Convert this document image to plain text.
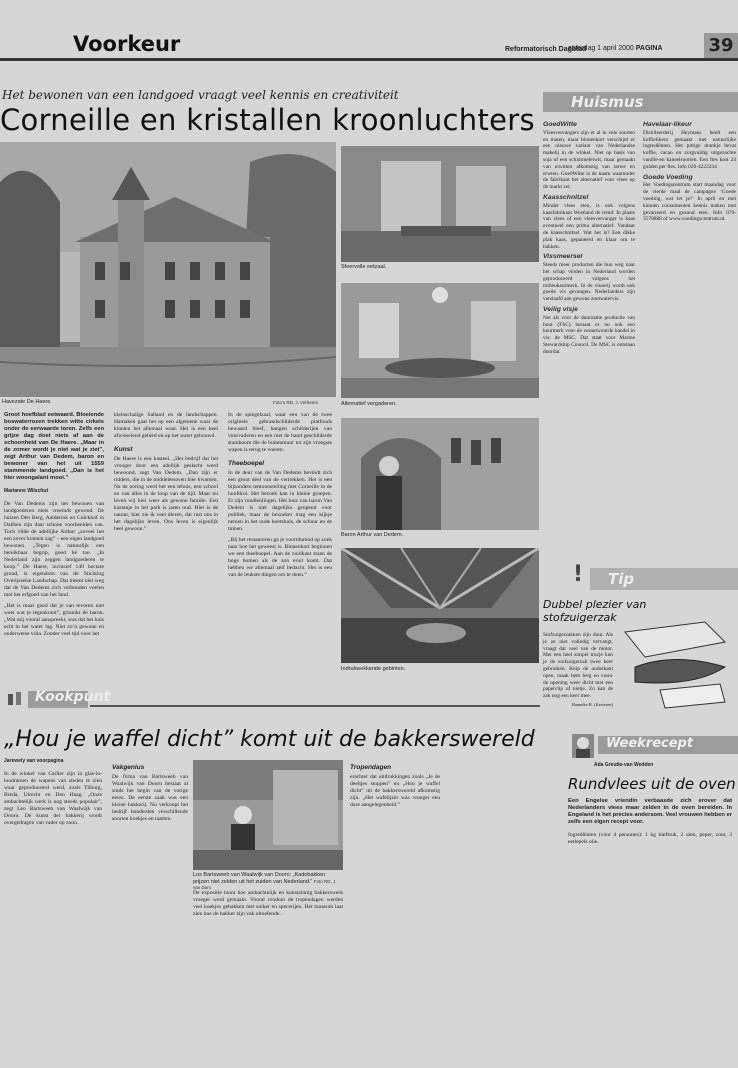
Voorkeur	Reformatorisch Dagblad
zaterdag 1 april 2000 PAGINA	39
Het bewonen van een landgoed vraagt veel kennis en creativiteit
Corneille en kristallen kroonluchters
Havezate De Haere.	Foto's RD, J. Verbeem
Sfeervolle eetzaal.
Alternatief vergaderen.
Baron Arthur van Dedem.
Indrukwekkende gebinten.

Groot hoefblad eetwaard. Bloeiende boswaterrozen trekken witte cirkels onder de eerwaarde toren. Zelfs een grijze dag doet niets af aan de schoonheid van De Haere. „Maar in de zomer wordt je niet wat je ziet”, zegt Arthur van Dedem, baron en bewoner van het uit 1559 stammende landgoed. „Dan is het hier woongalant mooi.”

Marianne Wilschut

De Van Dedems zijn het bewonen van landgoederen niets vreemds gewend. De huizen Den Berg, Aalderink en Colckhof in Dalfsen zijn daar schone voorbeelden van. Toch vilde de adellijke Arthur „zoveel het een zover kunnen zag” – een eigen landgoed bewonen. „Tegen is natuurlijk een bereikbaar begrip, goed hè toe. „In Nederland zijn zeggen landgoederen te koop.” De Haere, inclusief 140 hectare grond, is eigendom van de Stichting Overijsselse Landschap. Dat meent niet weg dat de Van Dedems zich verbonden voelen met het erfgoed van het land.

„Het is maar goed dat je van tevoren niet weet wat je tegenkomt”, grinnikt de baron. „Wat mij vooral aanspreekt, was dat het huis echt in het water lag. Niet zo’n gewone en ouderwetse villa. Zonder veel tijd voor het

kleinschalige Salland en de landschappen. Hamaken gaat het op een algemene waar de klanten het allemaal waar. Het is een heel afwisselend gebied en op het water gebouwd.

Kunst

De Haere is een kasteel. „Het bedrijf dat het vrooger door een adellijk geslacht werd bewoond, zegt Van Dedem. „Dan zijn er ridders, die in de middeleeuwen hier kwamen. Na de oorlog werd het een tehuis, een school en van alles in de loop van de tijd. Maar nu leven wij hier weer als gewone familie. Een kastanje in het park is jaren oud. Hier is de natuur, hier zie ik veel dieren, dat rust ons in het dagelijks leven. Ons leven is eigenlijk heel gewoon.”

In de spiegelzaal, waar een van de twee originele gebrandschilderde platfonds bewaard bleef, hangen schilderijen van voorvaderen en een met de hand geschilderde stamboom die de buitenmuur tot zijn vroegste wapen is terug te voeren.

Theeboepel

In de deur van de Van Dedems bevindt zich een groot deel van de vertrekken. Het is een bijzondere tentoonstelling met Corneille in de hoofdrol. Het bezoek kan in kleine groepen. Er zijn rondleidingen. Het huis van baron Van Dedem is niet dagelijks geopend voor publiek, maar de bezoeker mag een kijkje nemen in het oude koetshuis, de schuur en de tuinen.

„Bij het restaureren ga je voortdurend op zoek naar hoe het geweest is. Binnenkort beginnen we een theeboepel. Aan de zuidkant staan de hoge bomen als de zon eruit komt. Dat hebben we allemaal zelf bedacht. Het is een van de leukste dingen om te doen.”

Huismus
GoedWitte

Vleesvervangers zijn er al in vele soorten en maten, maar binnenkort verschijnt er een nieuwe variant van Nederlandse makelij in de winkel. Niet op basis van soja of een schimmeleiwit, maar gemaakt van eiwitten afkomstig van tarwe en erwten. GoedWitte is de naam waaronder de fabrikant het alternatief voor vlees op de markt zet.

Kaasschnitzel

Minder vlees eten, is ook volgens kaasfabrikant Westland de trend. In plaats van vlees of een vleesvervanger is kaas eventueel een prima alternatief. Vandaar de kaasschnitzel. Wat het is? Een dikke plak kaas, gepaneerd en klaar om te bakken.

Vissmeersel

Steeds meer producten die hun weg naar het schap vinden in Nederland worden geproduceerd volgens het milieukeurmerk. In de visserij wordt ook goede vis gevangen. Nederlanders zijn verslaafd aan gewone zoetwatervis.

Veilig visje

Net als voor de duurzame productie van hout (FSC) bestaat er nu ook een keurmerk voor de verantwoorde handel in vis: de MSC. Dat staat voor Marine Stewardship Council. De MSC is ontstaan doordat

Havelaar-likeur

Distilleerderij Heymans heeft een koffielikeur gemaakt met natuurlijke ingrediënten. Het pittige drankje bevat koffie, cacao en zorgvuldig uitgezochte vanille-en kaneelsoorten. Een fles kost 24 gulden per fles. Info 020-4223334

Goede Voeding

Het Voedingscentrum start maandag voor de vierde maal de campagne ‘Goede voeding, wat let je?’ In april en mei kunnen consumenten kennis maken met gevarieerd en gezond eten. Info 070-3578888 of www.voedingscentrum.nl.

! Tip
Dubbel plezier van stofzuigerzak

Stofzuigerzakken zijn duur. Als je ze niet volledig vervangt, vraagt dat veel van de motor. Met een heel simpel trucje kun je de stofzuigerzak twee keer gebruiken. Knip de onderkant open, maak hem leeg en vouw de opening weer dicht met een paperclip of nietje. Zo kan de zak nog een keer mee.

Hanneke B. (Kesteren)

Kookpunt
„Hou je waffel dicht” komt uit de bakkerswereld

Jarewely van voorpagina

In de winkel van Carlier zijn in glas-in-loodramen de wapens van steden te zien waar geproduceerd werd, zoals Tilburg, Breda, Utrecht en Den Haag. „Onze ambachtelijk werk is nog steeds populair”, zegt Leo Bartsweeh van Waalwijk van Doorn. De kunst der bakkerij wordt overgedragen van vader op zoon.

Los Bartsweeh van Waalwijk van Doorn: „Kadobakken prijzen niet zelden uit het zuiden van Nederland.” Foto RD, J. van Dam

Vakgenius

De firma van Bartsweeh van Waalwijk van Doorn bestaat al sinds het begin van de vorige eeuw. De eerste zaak was een kleine bakkerij. Nu verkoopt het bedrijf honderden verschillende soorten koekjes en taarten.

De expositie toont hoe ambachtelijk en kunstzinnig bakkerswerk vroeger werd gemaakt. Vooral rondom de tropendagen werden veel koekjes gebakken met suiker en specerijen. Het museum laat zien hoe de bakker zijn vak uitoefende.

Tropendagen

erachter dat uitdrukkingen zoals „Je de deeltjes stoppen” en „Hou je waffel dicht” uit de bakkerswereld afkomstig zijn. „Het wafelijzer was vroeger een dure aangelegenheid.”

Weekrecept
Ada Greutie-van Wedden
Rundvlees uit de oven

Een Engelse vriendin verbaasde zich erover dat Nederlanders vlees maar zelden in de oven bereiden. In Engeland is het precies andersom. Veel vrouwen hebben er zelfs een eigen recept voor.

Ingrediënten (voor 4 personen): 1 kg biefstuk, 2 uien, peper, zout, 3 eetlepels olie.
